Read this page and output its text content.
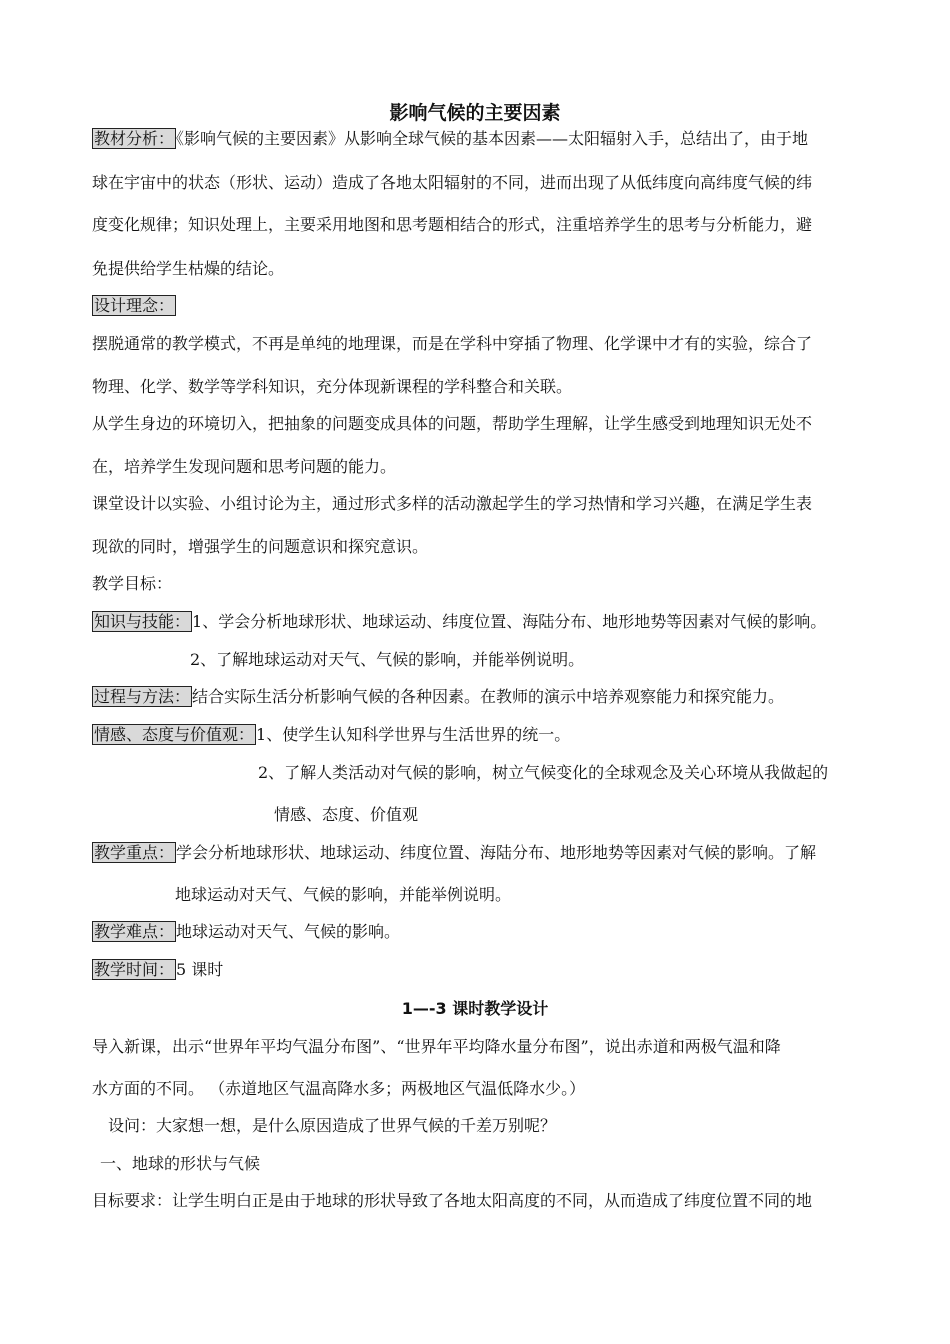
影响气候的主要因素
教材分析： 《影响气候的主要因素》从影响全球气候的基本因素——太阳辐射入手，总结出了，由于地
球在宇宙中的状态（形状、运动）造成了各地太阳辐射的不同，进而出现了从低纬度向高纬度气候的纬
度变化规律；知识处理上，主要采用地图和思考题相结合的形式，注重培养学生的思考与分析能力，避
免提供给学生枯燥的结论。
设计理念：
摆脱通常的教学模式，不再是单纯的地理课，而是在学科中穿插了物理、化学课中才有的实验，综合了
物理、化学、数学等学科知识，充分体现新课程的学科整合和关联。
从学生身边的环境切入，把抽象的问题变成具体的问题，帮助学生理解，让学生感受到地理知识无处不
在，培养学生发现问题和思考问题的能力。
课堂设计以实验、小组讨论为主，通过形式多样的活动激起学生的学习热情和学习兴趣，在满足学生表
现欲的同时，增强学生的问题意识和探究意识。
教学目标：
知识与技能： 1、学会分析地球形状、地球运动、纬度位置、海陆分布、地形地势等因素对气候的影响。
2、了解地球运动对天气、气候的影响，并能举例说明。
过程与方法： 结合实际生活分析影响气候的各种因素。在教师的演示中培养观察能力和探究能力。
情感、态度与价值观： 1、使学生认知科学世界与生活世界的统一。
2、了解人类活动对气候的影响，树立气候变化的全球观念及关心环境从我做起的
情感、态度、价值观
教学重点： 学会分析地球形状、地球运动、纬度位置、海陆分布、地形地势等因素对气候的影响。了解
地球运动对天气、气候的影响，并能举例说明。
教学难点： 地球运动对天气、气候的影响。
教学时间： 5 课时
1—-3 课时教学设计
导入新课，出示“世界年平均气温分布图”、“世界年平均降水量分布图”，说出赤道和两极气温和降
水方面的不同。 （赤道地区气温高降水多；两极地区气温低降水少。）
设问：大家想一想，是什么原因造成了世界气候的千差万别呢？
一、地球的形状与气候
目标要求：让学生明白正是由于地球的形状导致了各地太阳高度的不同，从而造成了纬度位置不同的地
